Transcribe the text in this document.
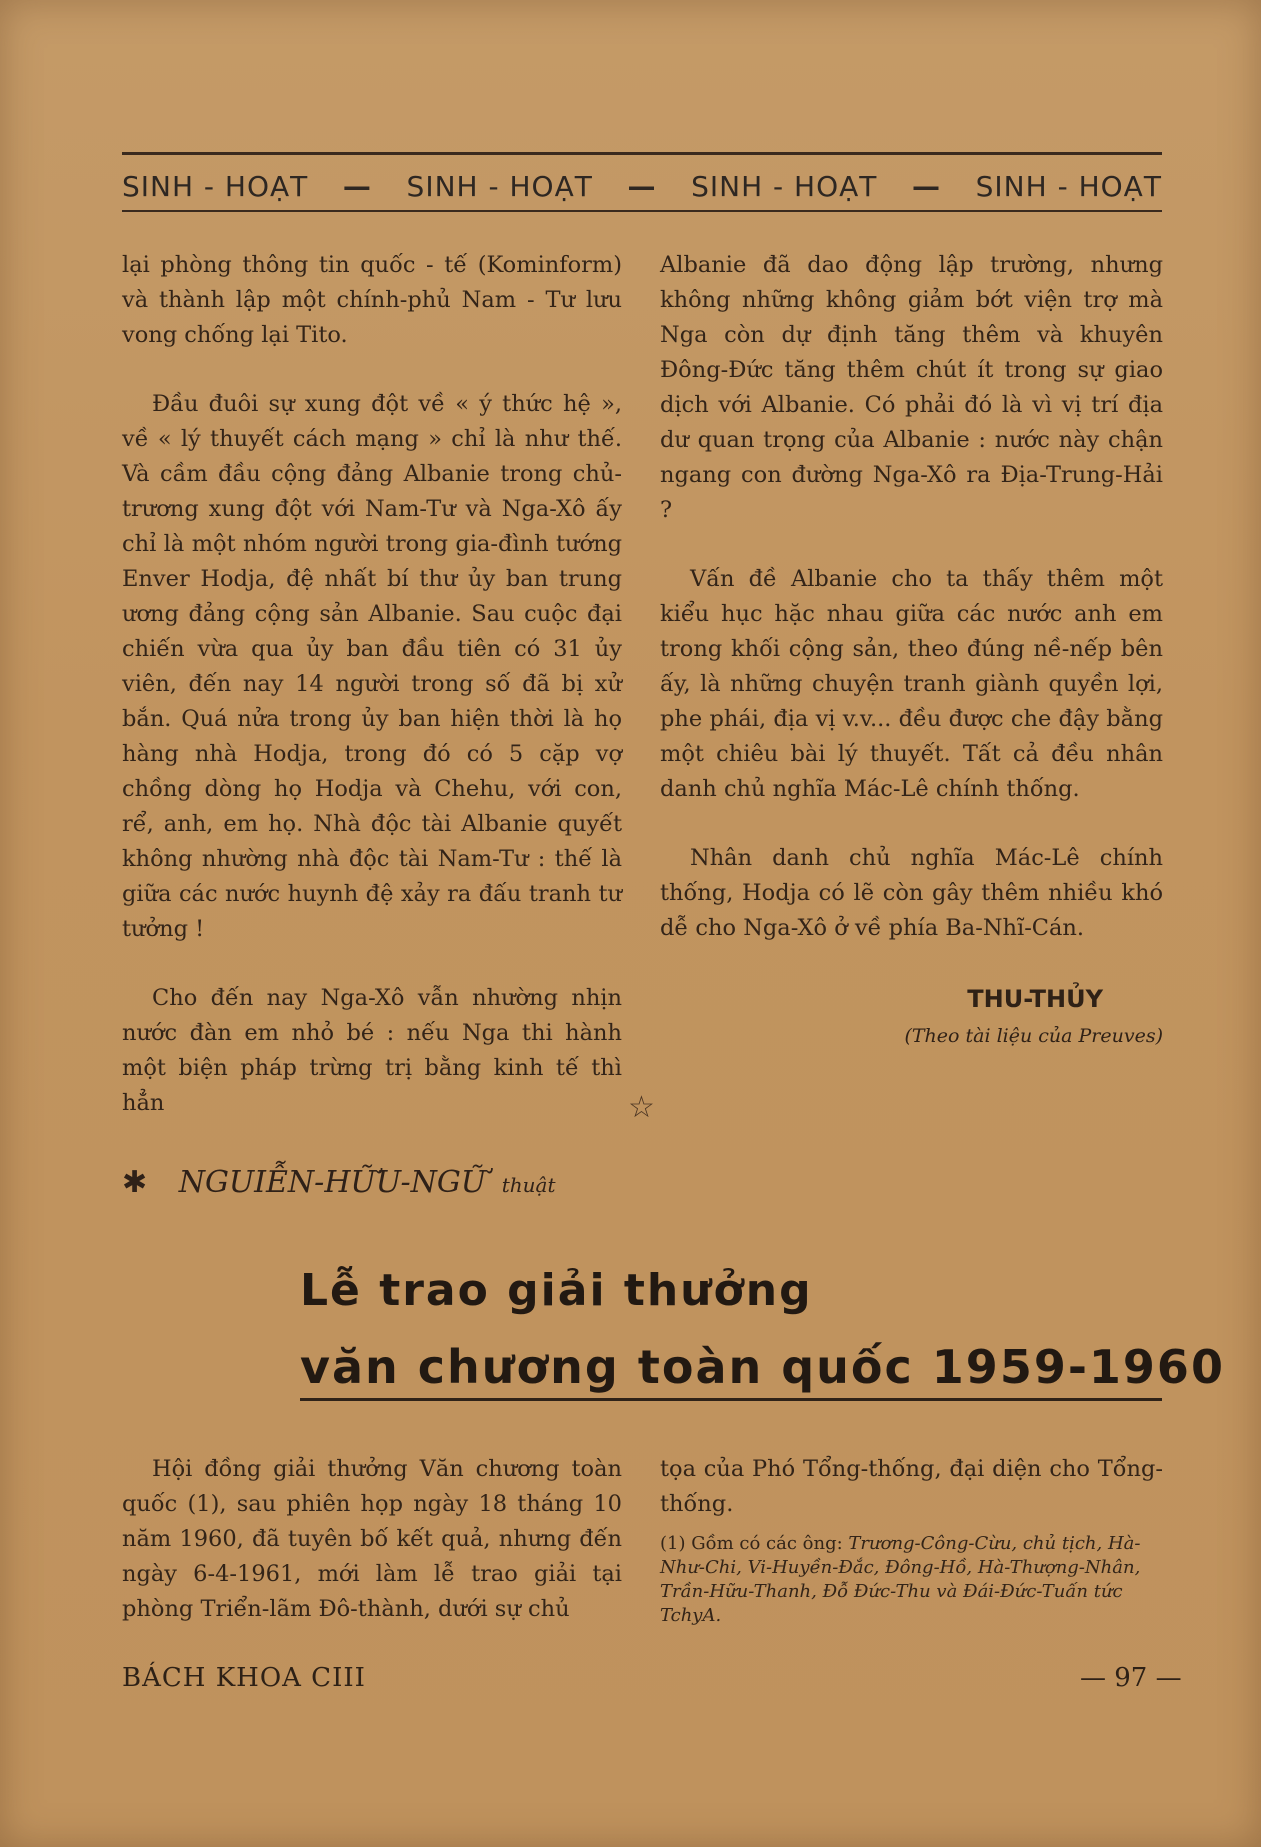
SINH - HOẠT — SINH - HOẠT — SINH - HOẠT — SINH - HOẠT

lại phòng thông tin quốc - tế (Kominform) và thành lập một chính-phủ Nam - Tư lưu vong chống lại Tito.

Đầu đuôi sự xung đột về « ý thức hệ », về « lý thuyết cách mạng » chỉ là như thế. Và cầm đầu cộng đảng Albanie trong chủ-trương xung đột với Nam-Tư và Nga-Xô ấy chỉ là một nhóm người trong gia-đình tướng Enver Hodja, đệ nhất bí thư ủy ban trung ương đảng cộng sản Albanie. Sau cuộc đại chiến vừa qua ủy ban đầu tiên có 31 ủy viên, đến nay 14 người trong số đã bị xử bắn. Quá nửa trong ủy ban hiện thời là họ hàng nhà Hodja, trong đó có 5 cặp vợ chồng dòng họ Hodja và Chehu, với con, rể, anh, em họ. Nhà độc tài Albanie quyết không nhường nhà độc tài Nam-Tư : thế là giữa các nước huynh đệ xảy ra đấu tranh tư tưởng !

Cho đến nay Nga-Xô vẫn nhường nhịn nước đàn em nhỏ bé : nếu Nga thi hành một biện pháp trừng trị bằng kinh tế thì hẳn

Albanie đã dao động lập trường, nhưng không những không giảm bớt viện trợ mà Nga còn dự định tăng thêm và khuyên Đông-Đức tăng thêm chút ít trong sự giao dịch với Albanie. Có phải đó là vì vị trí địa dư quan trọng của Albanie : nước này chận ngang con đường Nga-Xô ra Địa-Trung-Hải ?

Vấn đề Albanie cho ta thấy thêm một kiểu hục hặc nhau giữa các nước anh em trong khối cộng sản, theo đúng nề-nếp bên ấy, là những chuyện tranh giành quyền lợi, phe phái, địa vị v.v... đều được che đậy bằng một chiêu bài lý thuyết. Tất cả đều nhân danh chủ nghĩa Mác-Lê chính thống.

Nhân danh chủ nghĩa Mác-Lê chính thống, Hodja có lẽ còn gây thêm nhiều khó dễ cho Nga-Xô ở về phía Ba-Nhĩ-Cán.

THU-THỦY
(Theo tài liệu của Preuves)
☆
✱ NGUIỄN-HỮU-NGỮ thuật
Lễ trao giải thưởng
văn chương toàn quốc 1959-1960

Hội đồng giải thưởng Văn chương toàn quốc (1), sau phiên họp ngày 18 tháng 10 năm 1960, đã tuyên bố kết quả, nhưng đến ngày 6-4-1961, mới làm lễ trao giải tại phòng Triển-lãm Đô-thành, dưới sự chủ

tọa của Phó Tổng-thống, đại diện cho Tổng-thống.

(1) Gồm có các ông: Trương-Công-Cừu, chủ tịch, Hà-Như-Chi, Vi-Huyền-Đắc, Đông-Hồ, Hà-Thượng-Nhân, Trần-Hữu-Thanh, Đỗ Đức-Thu và Đái-Đức-Tuấn tức TchyA.
BÁCH KHOA CIII	— 97 —
